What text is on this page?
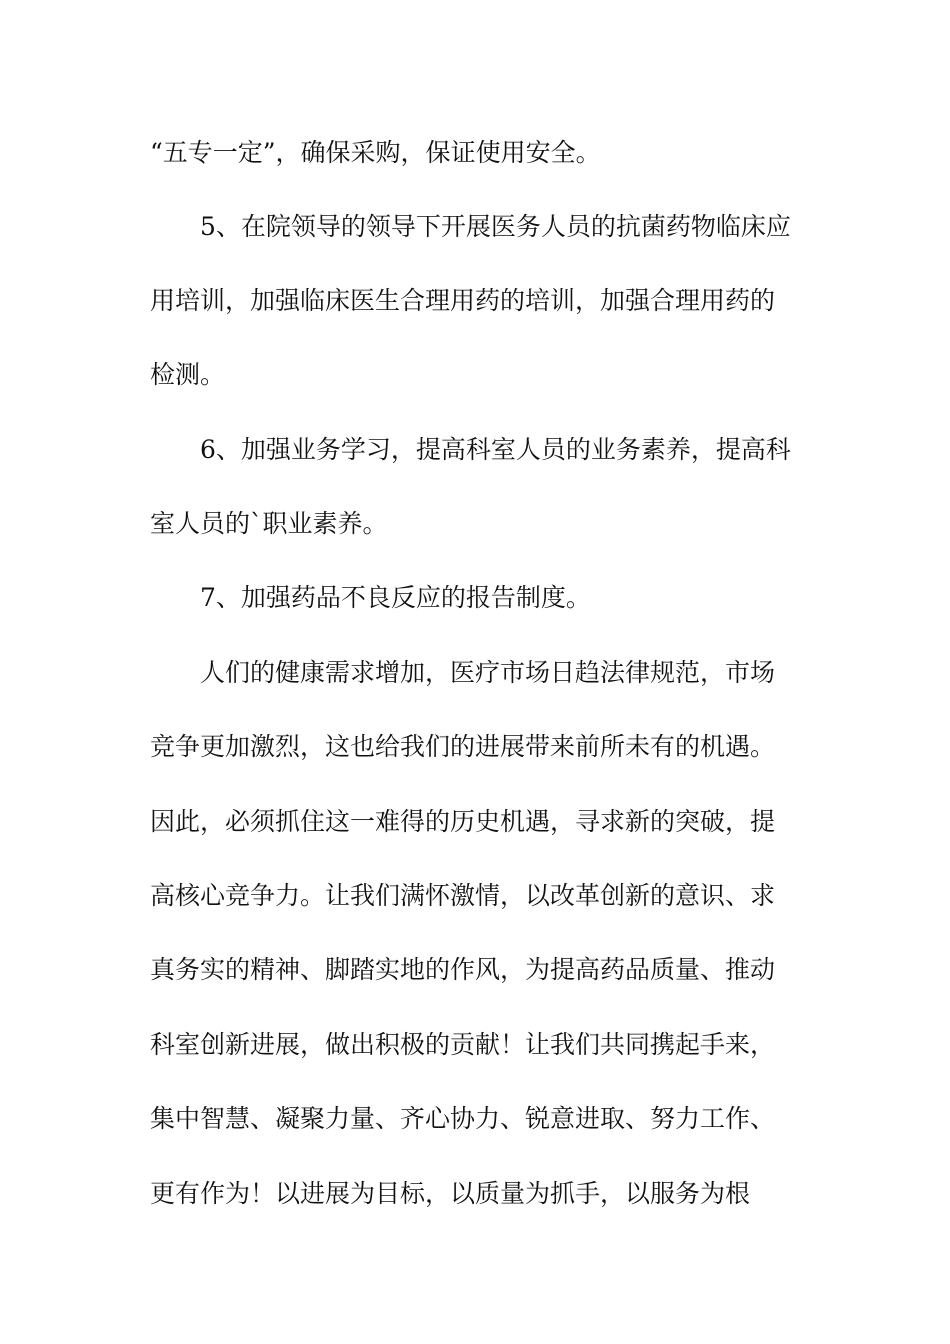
“五专一定”，确保采购，保证使用安全。
5、在院领导的领导下开展医务人员的抗菌药物临床应
用培训，加强临床医生合理用药的培训，加强合理用药的
检测。
6、加强业务学习，提高科室人员的业务素养，提高科
室人员的`职业素养。
7、加强药品不良反应的报告制度。
人们的健康需求增加，医疗市场日趋法律规范，市场
竞争更加激烈，这也给我们的进展带来前所未有的机遇。
因此，必须抓住这一难得的历史机遇，寻求新的突破，提
高核心竞争力。让我们满怀激情，以改革创新的意识、求
真务实的精神、脚踏实地的作风，为提高药品质量、推动
科室创新进展，做出积极的贡献！让我们共同携起手来，
集中智慧、凝聚力量、齐心协力、锐意进取、努力工作、
更有作为！以进展为目标，以质量为抓手，以服务为根
